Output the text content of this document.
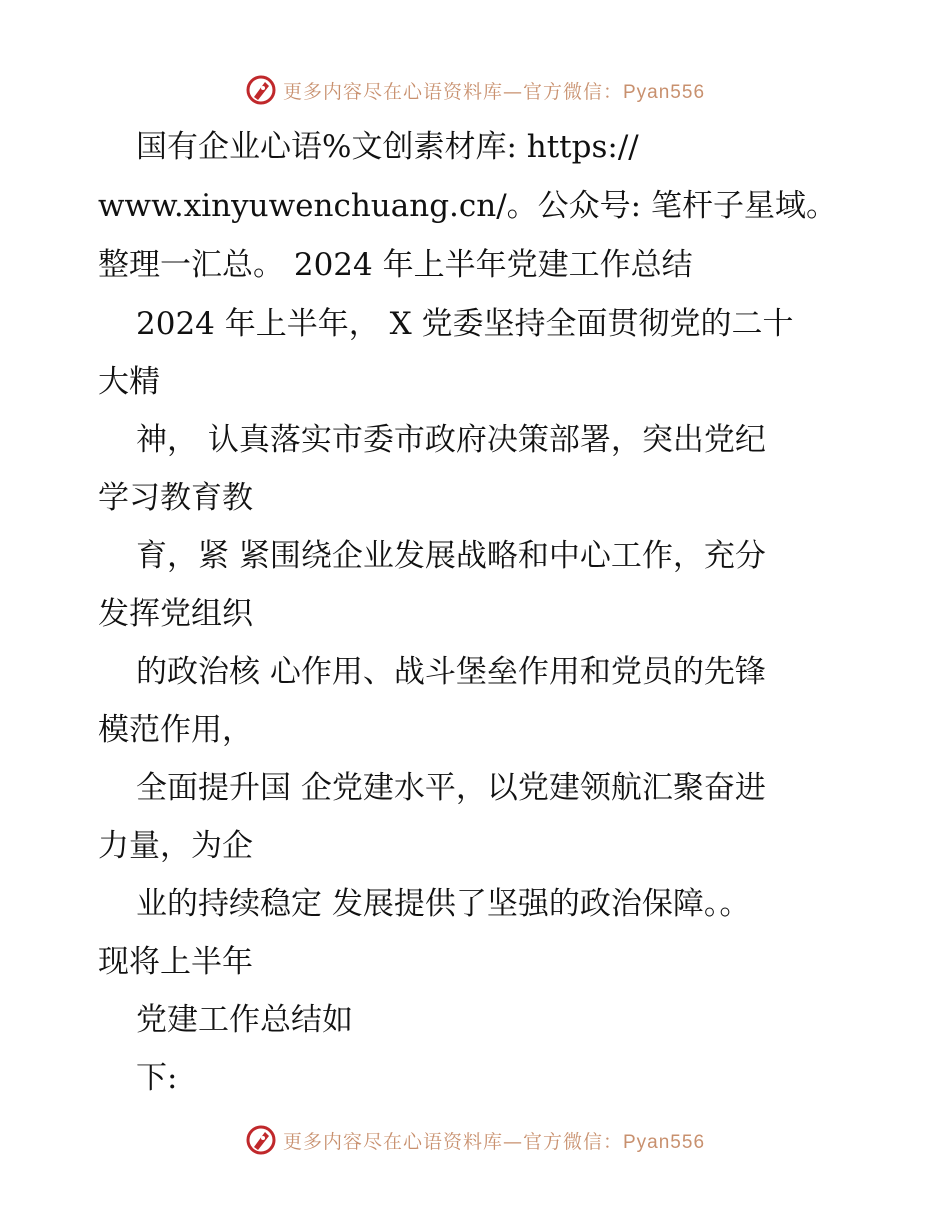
更多内容尽在心语资料库—官方微信：Pyan556
国有企业心语%文创素材库: https://
www.xinyuwenchuang.cn/。公众号: 笔杆子星域。
整理一汇总。 2024 年上半年党建工作总结
2024 年上半年， X 党委坚持全面贯彻党的二十
大精
神， 认真落实市委市政府决策部署，突出党纪
学习教育教
育，紧 紧围绕企业发展战略和中心工作，充分
发挥党组织
的政治核 心作用、战斗堡垒作用和党员的先锋
模范作用，
全面提升国 企党建水平，以党建领航汇聚奋进
力量，为企
业的持续稳定 发展提供了坚强的政治保障。。
现将上半年
党建工作总结如
下:
更多内容尽在心语资料库—官方微信：Pyan556
